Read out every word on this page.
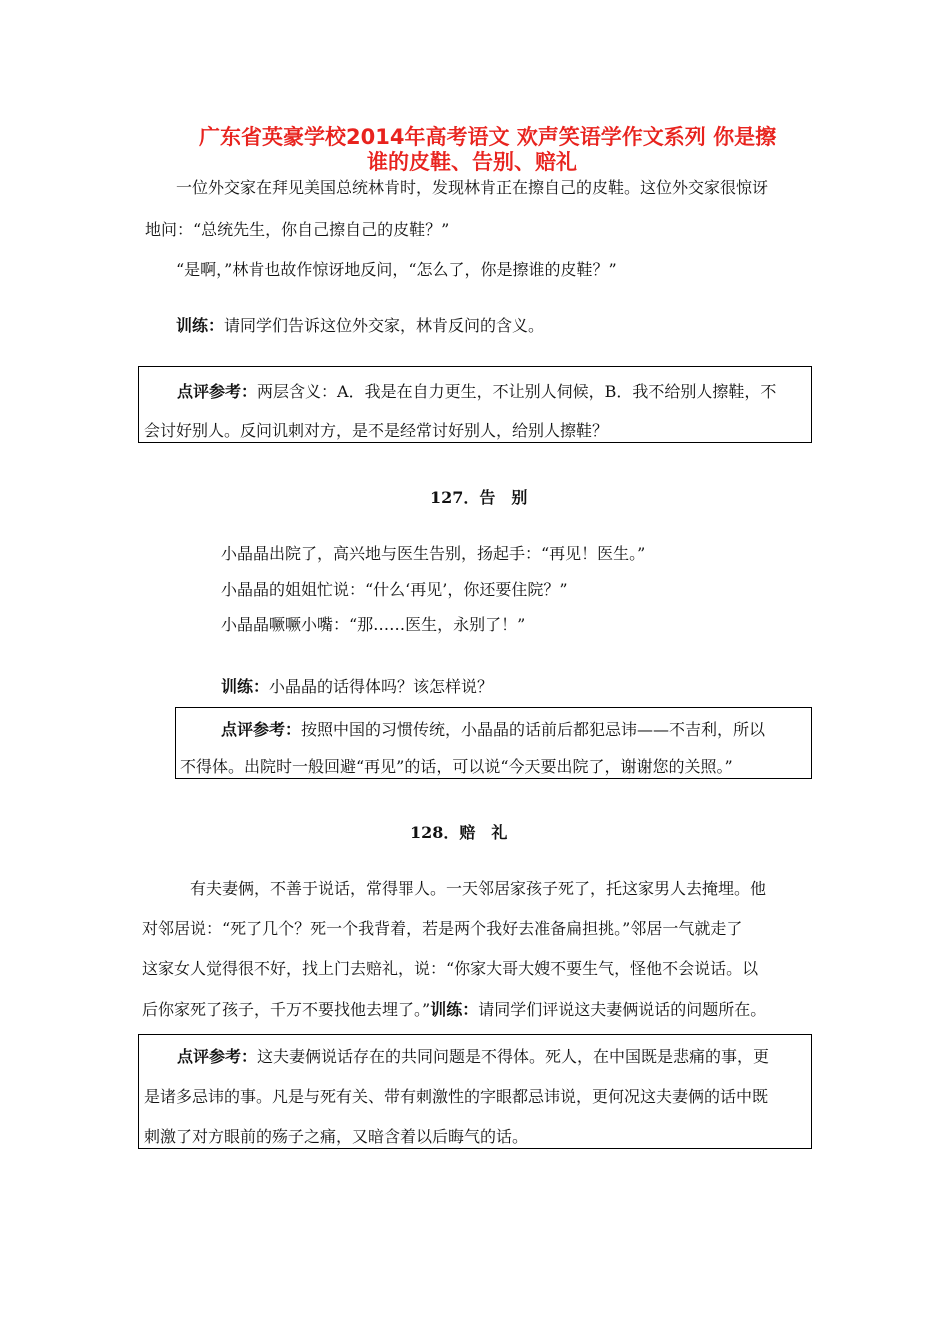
广东省英豪学校2014年高考语文 欢声笑语学作文系列 你是擦
谁的皮鞋、告别、赔礼
一位外交家在拜见美国总统林肯时，发现林肯正在擦自己的皮鞋。这位外交家很惊讶
地问：“总统先生，你自己擦自己的皮鞋？”
“是啊，”林肯也故作惊讶地反问，“怎么了，你是擦谁的皮鞋？”
训练：请同学们告诉这位外交家，林肯反问的含义。
点评参考：两层含义：A．我是在自力更生，不让别人伺候，B．我不给别人擦鞋，不
会讨好别人。反问讥刺对方，是不是经常讨好别人，给别人擦鞋？
127．告　别
小晶晶出院了，高兴地与医生告别，扬起手：“再见！医生。”
小晶晶的姐姐忙说：“什么‘再见’，你还要住院？”
小晶晶噘噘小嘴：“那……医生，永别了！”
训练：小晶晶的话得体吗？该怎样说？
点评参考：按照中国的习惯传统，小晶晶的话前后都犯忌讳——不吉利，所以
不得体。出院时一般回避“再见”的话，可以说“今天要出院了，谢谢您的关照。”
128．赔　礼
有夫妻俩，不善于说话，常得罪人。一天邻居家孩子死了，托这家男人去掩埋。他
对邻居说：“死了几个？死一个我背着，若是两个我好去准备扁担挑。”邻居一气就走了
这家女人觉得很不好，找上门去赔礼，说：“你家大哥大嫂不要生气，怪他不会说话。以
后你家死了孩子，千万不要找他去埋了。”训练：请同学们评说这夫妻俩说话的问题所在。
点评参考：这夫妻俩说话存在的共同问题是不得体。死人，在中国既是悲痛的事，更
是诸多忌讳的事。凡是与死有关、带有刺激性的字眼都忌讳说，更何况这夫妻俩的话中既
刺激了对方眼前的殇子之痛，又暗含着以后晦气的话。
